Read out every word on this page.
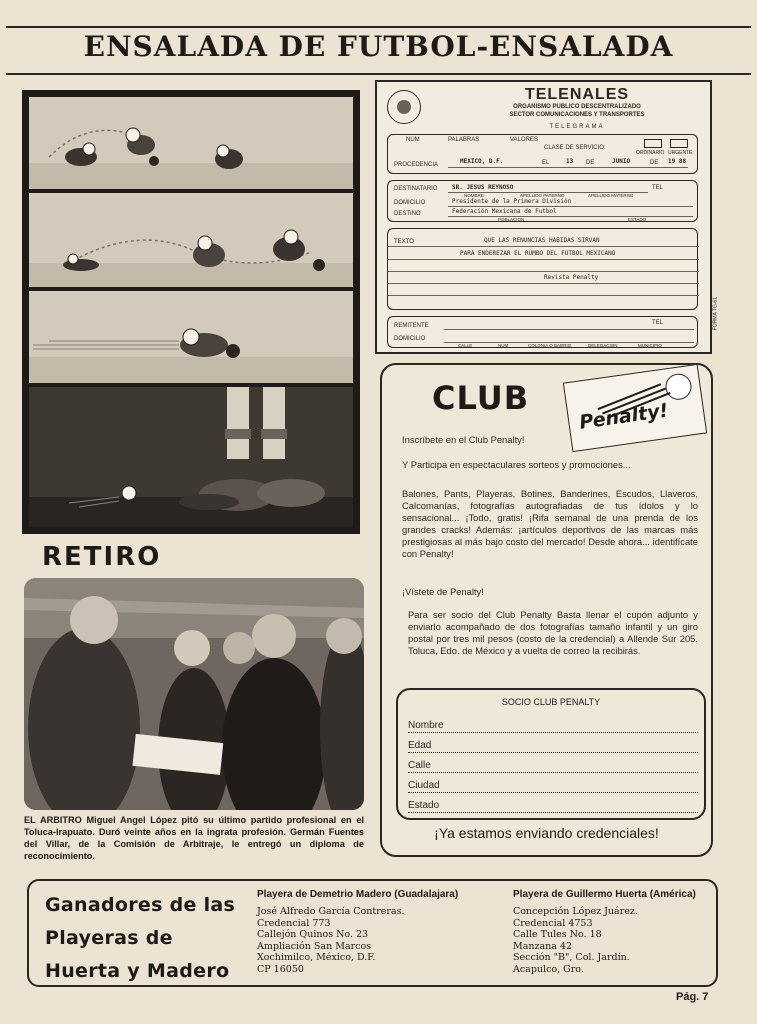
ENSALADA DE FUTBOL-ENSALADA
TELENALES
ORGANISMO PUBLICO DESCENTRALIZADO
SECTOR COMUNICACIONES Y TRANSPORTES
TELEGRAMA
NUM	PALABRAS	VALORES
CLASE DE SERVICIO:
ORDINARIO URGENTE
PROCEDENCIA	MEXICO, D.F.	EL	13 DE	JUNIO	DE 19 88
DESTINATARIO SR. JESUS REYNOSO	TEL
NOMBRE	APELLIDO PATERNO	APELLIDO MATERNO
DOMICILIO	Presidente de la Primera División
DESTINO	Federación Mexicana de Futbol
POBLACION	ESTADO
TEXTO	QUE LAS RENUNCIAS HABIDAS SIRVAN
PARA ENDEREZAR EL RUMBO DEL FUTBOL MEXICANO
Revista Penalty
REMITENTE	TEL
DOMICILIO
CALLE	NUM	COLONIA O BARRIO	DELEGACION	MUNICIPIO
FORMA TG-61
RETIRO
EL ARBITRO Miguel Angel López pitó su último partido profesional en el Toluca-Irapuato. Duró veinte años en la ingrata profesión. Germán Fuentes del Villar, de la Comisión de Arbitraje, le entregó un diploma de reconocimiento.
CLUB	Penalty!
Inscríbete en el Club Penalty!
Y Participa en espectaculares sorteos y promociones...
Balones, Pants, Playeras, Botines, Banderines, Escudos, Llaveros, Calcomanías, fotografías autografiadas de tus ídolos y lo sensacional... ¡Todo, gratis! ¡Rifa semanal de una prenda de los grandes cracks! Además: ¡artículos deportivos de las marcas más prestigiosas al más bajo costo del mercado! Desde ahora... identifícate con Penalty!
¡Vístete de Penalty!
Para ser socio del Club Penalty Basta llenar el cupón adjunto y enviarlo acompañado de dos fotografías tamaño infantil y un giro postal por tres mil pesos (costo de la credencial) a Allende Sur 205. Toluca, Edo. de México y a vuelta de correo la recibirás.
SOCIO CLUB PENALTY
Nombre
Edad
Calle
Ciudad
Estado
¡Ya estamos enviando credenciales!
Ganadores de las
Playeras de
Huerta y Madero
Playera de Demetrio Madero (Guadalajara)
José Alfredo García Contreras.
Credencial 773
Callejón Quinos No. 23
Ampliación San Marcos
Xochimilco, México, D.F.
CP 16050
Playera de Guillermo Huerta (América)
Concepción López Juárez.
Credencial 4753
Calle Tules No. 18
Manzana 42
Sección "B", Col. Jardín.
Acapulco, Gro.
Pág. 7
